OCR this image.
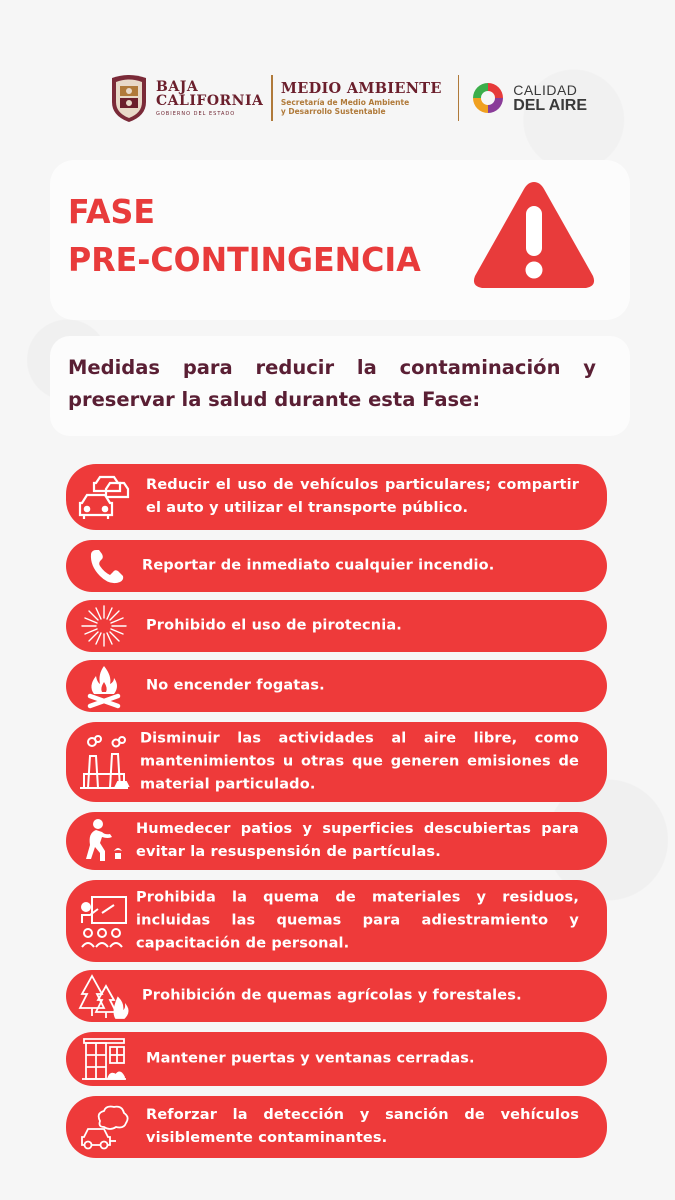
BAJA
CALIFORNIA
GOBIERNO DEL ESTADO
MEDIO AMBIENTE
Secretaría de Medio Ambiente
y Desarrollo Sustentable
CALIDAD
DEL AIRE
FASE
PRE-CONTINGENCIA
Medidas para reducir la contaminación y preservar la salud durante esta Fase:
Reducir el uso de vehículos particulares; compartir el auto y utilizar el transporte público.
Reportar de inmediato cualquier incendio.
Prohibido el uso de pirotecnia.
No encender fogatas.
Disminuir las actividades al aire libre, como mantenimientos u otras que generen emisiones de material particulado.
Humedecer patios y superficies descubiertas para evitar la resuspensión de partículas.
Prohibida la quema de materiales y residuos, incluidas las quemas para adiestramiento y capacitación de personal.
Prohibición de quemas agrícolas y forestales.
Mantener puertas y ventanas cerradas.
Reforzar la detección y sanción de vehículos visiblemente contaminantes.
